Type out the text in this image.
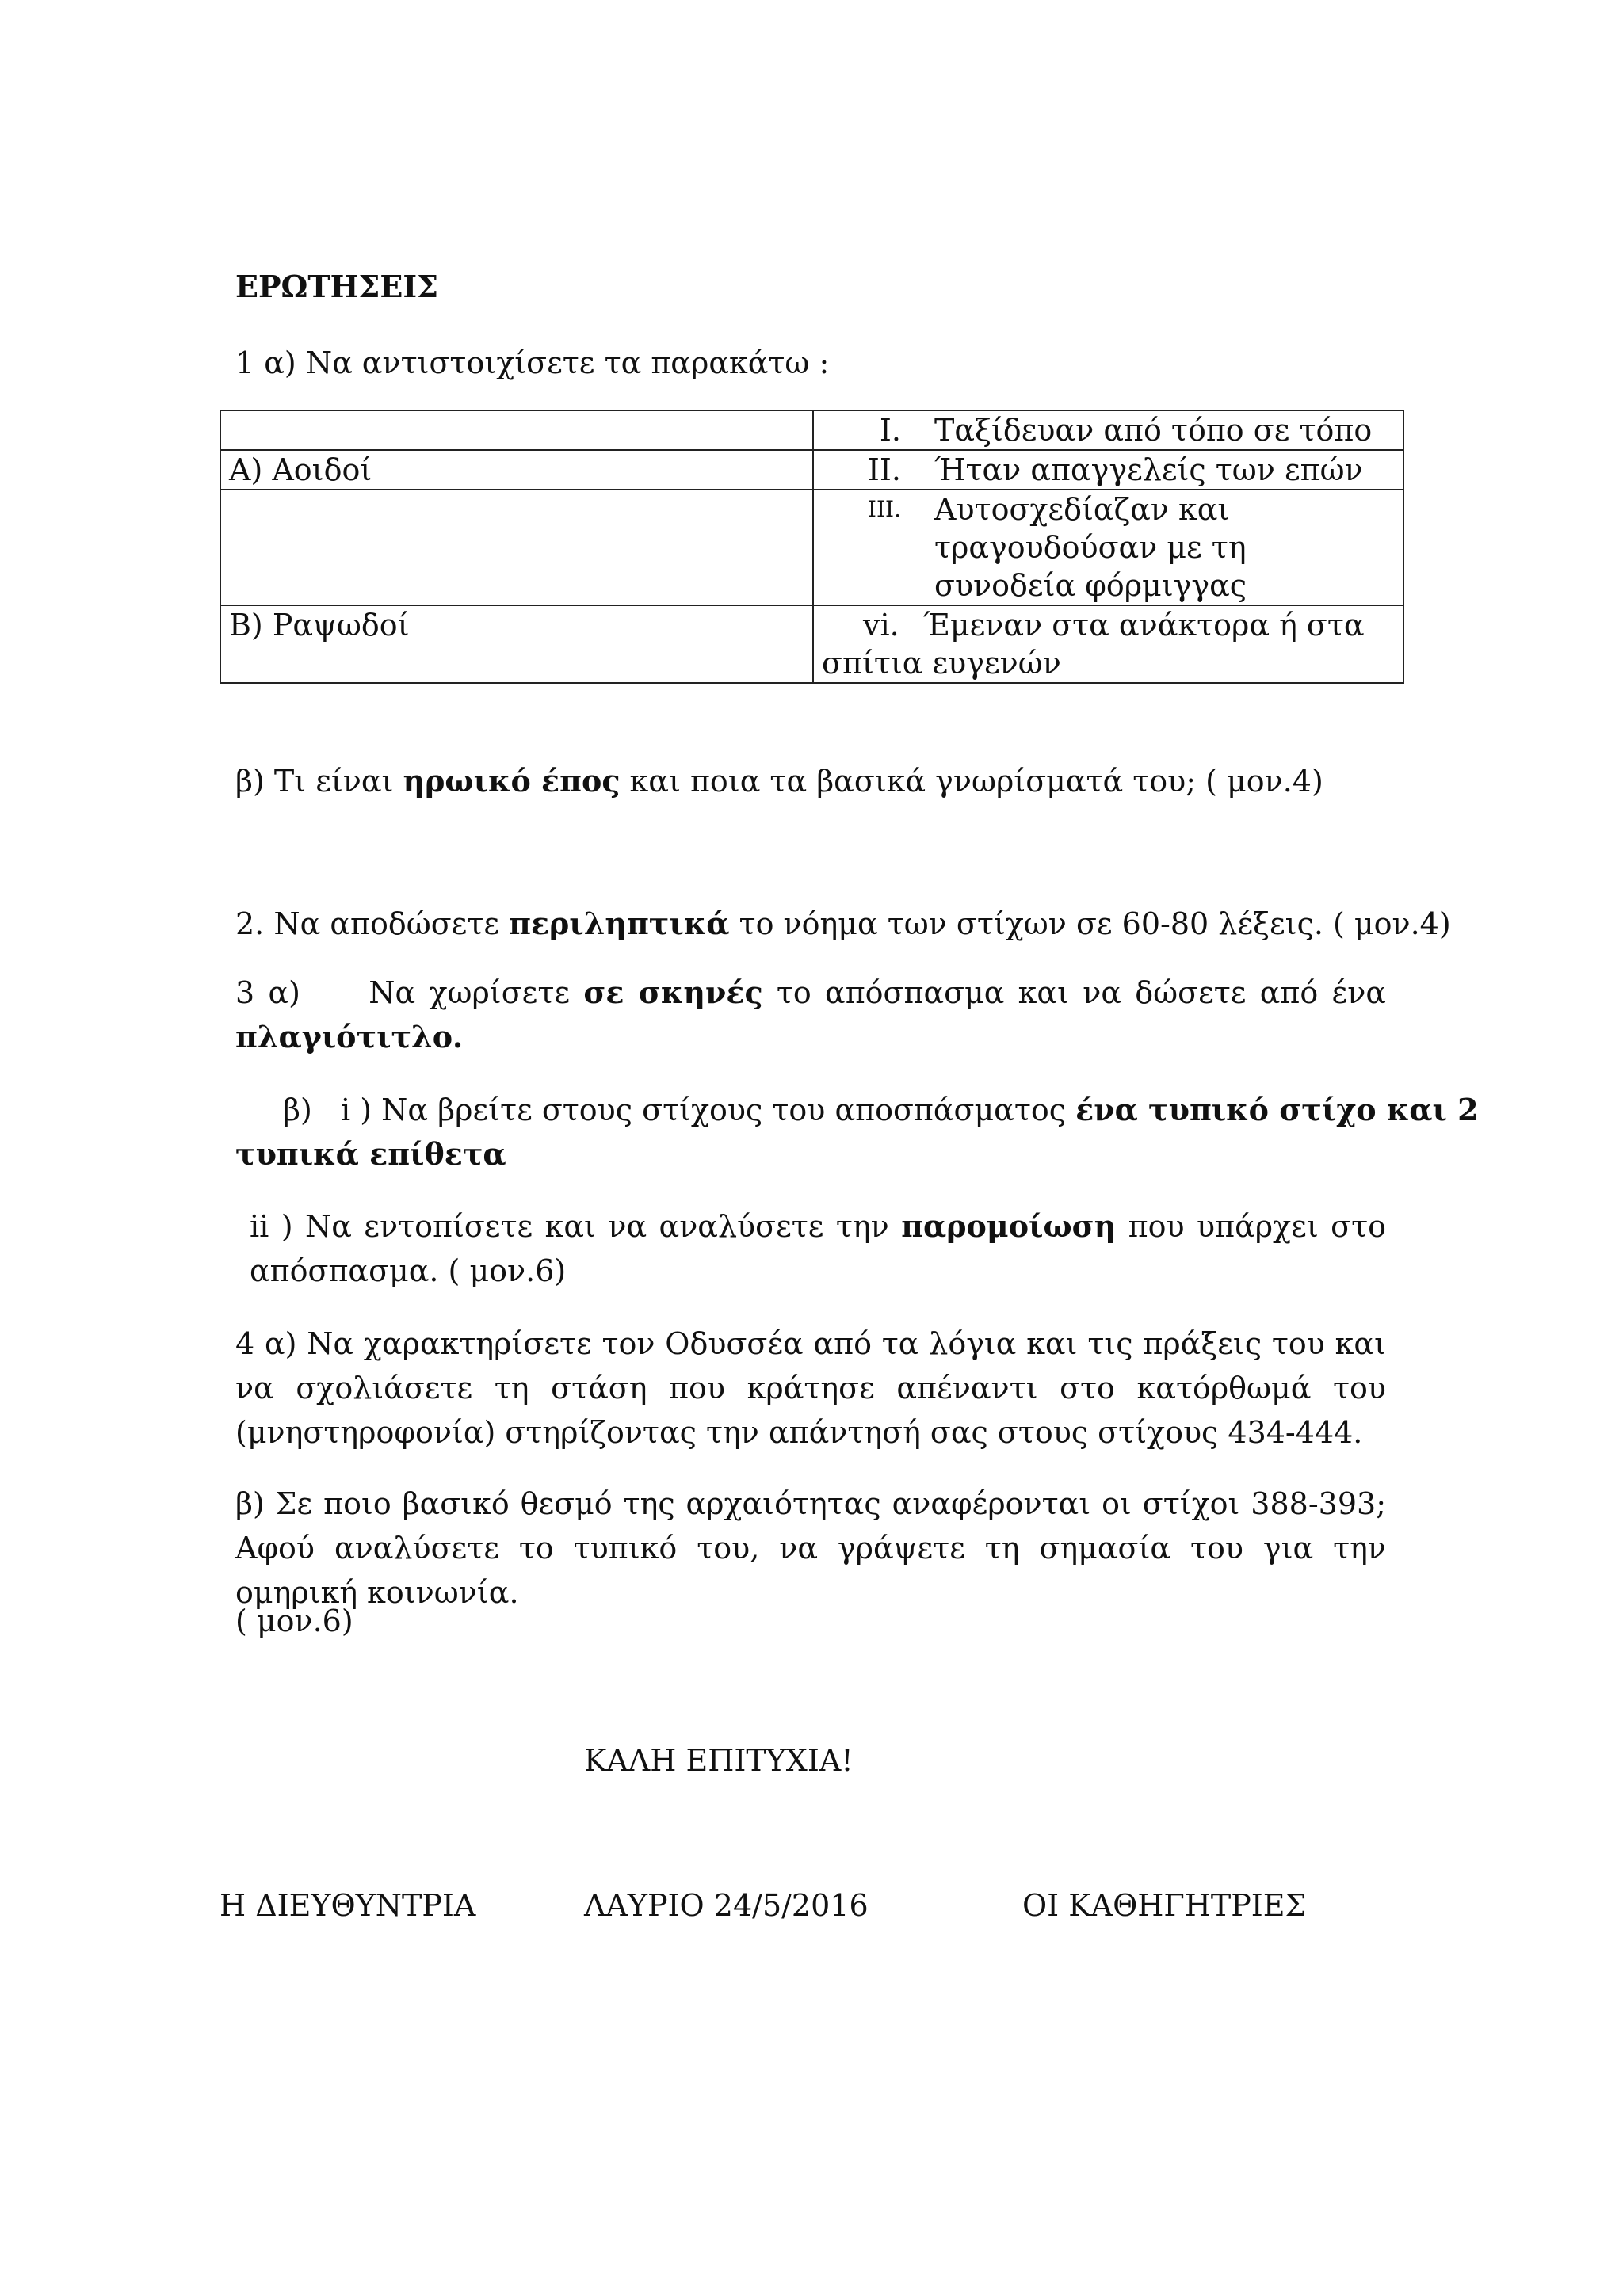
ΕΡΩΤΗΣΕΙΣ
1 α) Να αντιστοιχίσετε τα παρακάτω :
	I. Ταξίδευαν από τόπο σε τόπο
Α) Αοιδοί	II. Ήταν απαγγελείς των επών

	III. Αυτοσχεδίαζαν και τραγουδούσαν με τη συνοδεία φόρμιγγας

Β) Ραψωδοί	vi. Έμεναν στα ανάκτορα ή στα
σπίτια ευγενών
β) Τι είναι ηρωικό έπος και ποια τα βασικά γνωρίσματά του; ( μον.4)
2. Να αποδώσετε περιληπτικά το νόημα των στίχων σε 60-80 λέξεις. ( μον.4)
3 α)     Να χωρίσετε σε σκηνές το απόσπασμα και να δώσετε από ένα πλαγιότιτλο.
β)   i ) Να βρείτε στους στίχους του αποσπάσματος ένα τυπικό στίχο και 2
τυπικά επίθετα
ii ) Να εντοπίσετε και να αναλύσετε την παρομοίωση που υπάρχει στο απόσπασμα. ( μον.6)
4 α) Να χαρακτηρίσετε τον Οδυσσέα από τα λόγια και τις πράξεις του και να σχολιάσετε τη στάση που κράτησε απέναντι στο κατόρθωμά του (μνηστηροφονία) στηρίζοντας την απάντησή σας στους στίχους 434-444.
β) Σε ποιο βασικό θεσμό της αρχαιότητας αναφέρονται οι στίχοι 388-393; Αφού αναλύσετε το τυπικό του, να γράψετε τη σημασία του για την ομηρική κοινωνία.
( μον.6)
ΚΑΛΗ ΕΠΙΤΥΧΙΑ!
Η ΔΙΕΥΘΥΝΤΡΙΑ	ΛΑΥΡΙΟ 24/5/2016	ΟΙ ΚΑΘΗΓΗΤΡΙΕΣ
